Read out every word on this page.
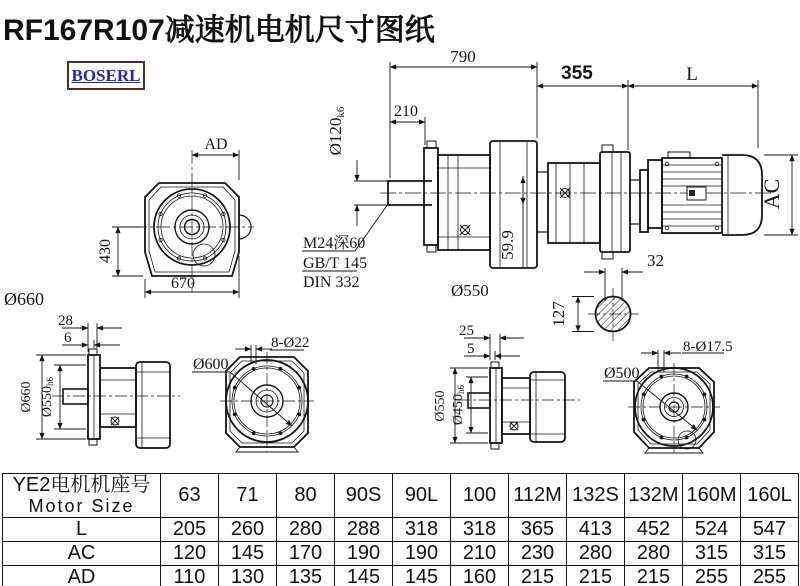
RF167R107减速机电机尺寸图纸
BOSERL
AD
430
670
790
210
355	L
Ø120k6
M24深60
GB/T 145
DIN 332
59.9
AC
Ø550
32
127
Ø660
28
6
Ø660 Ø550h6
Ø600
8-Ø22
25
5
Ø550 Ø450h6
Ø500
8-Ø17.5
YE2电机机座号
Motor Size	63	71	80	90S	90L	100	112M	132S	132M	160M	160L
L	205	260	280	288	318	318	365	413	452	524	547
AC	120	145	170	190	190	210	230	280	280	315	315
AD	110	130	135	145	145	160	215	215	215	255	255
